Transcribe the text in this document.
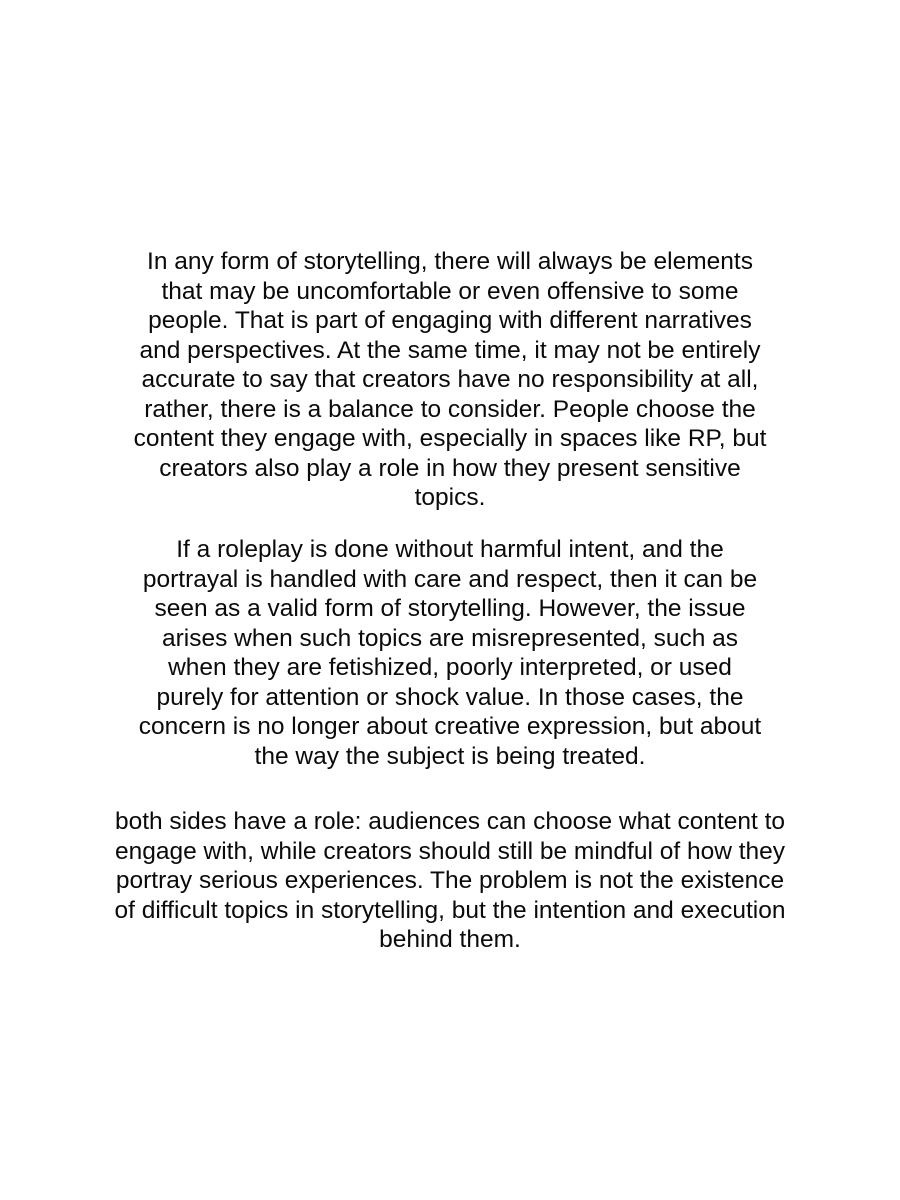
In any form of storytelling, there will always be elements
that may be uncomfortable or even offensive to some
people. That is part of engaging with different narratives
and perspectives. At the same time, it may not be entirely
accurate to say that creators have no responsibility at all,
rather, there is a balance to consider. People choose the
content they engage with, especially in spaces like RP, but
creators also play a role in how they present sensitive
topics.

If a roleplay is done without harmful intent, and the
portrayal is handled with care and respect, then it can be
seen as a valid form of storytelling. However, the issue
arises when such topics are misrepresented, such as
when they are fetishized, poorly interpreted, or used
purely for attention or shock value. In those cases, the
concern is no longer about creative expression, but about
the way the subject is being treated.

both sides have a role: audiences can choose what content to
engage with, while creators should still be mindful of how they
portray serious experiences. The problem is not the existence
of difficult topics in storytelling, but the intention and execution
behind them.
